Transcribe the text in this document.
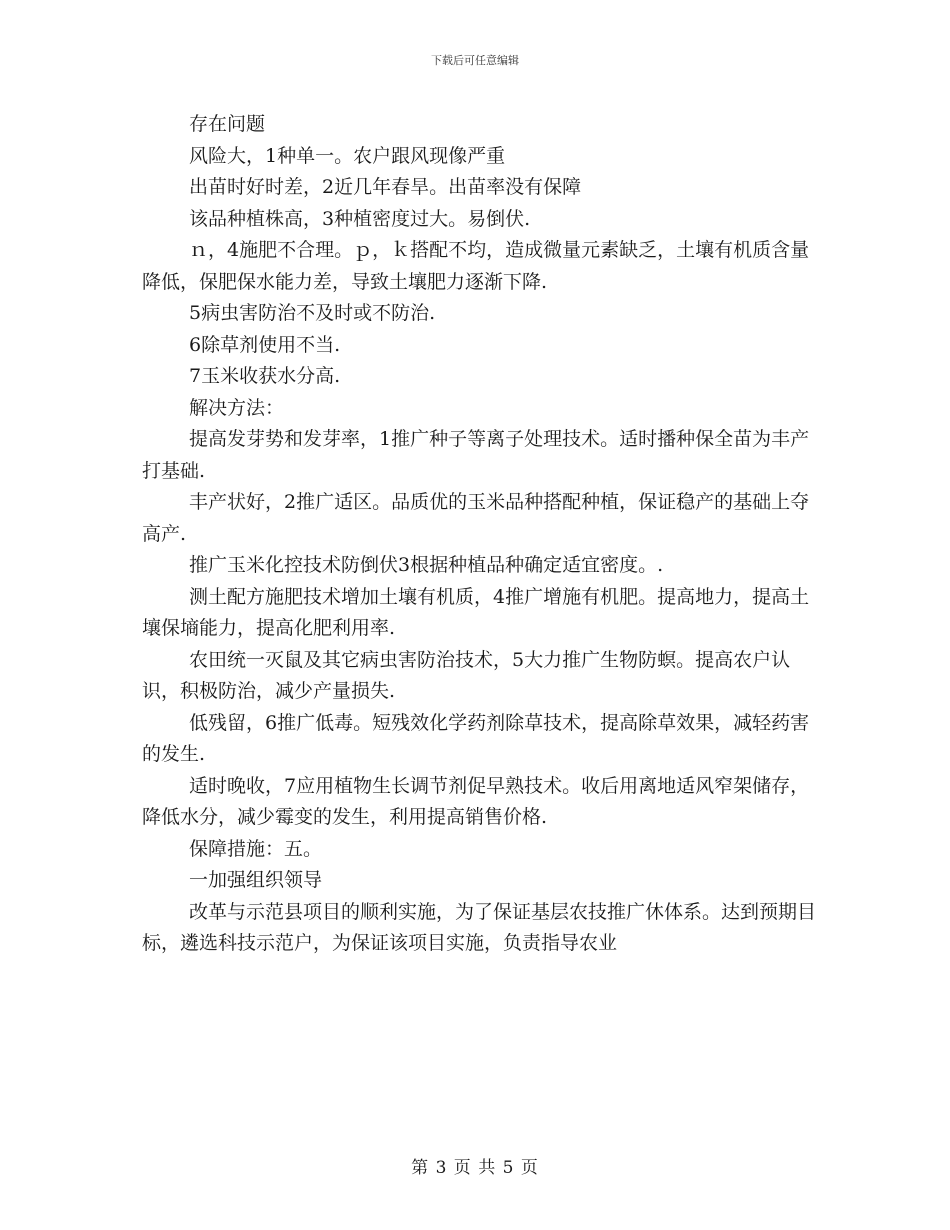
下载后可任意编辑

存在问题

风险大，1种单一。农户跟风现像严重

出苗时好时差，2近几年春旱。出苗率没有保障

该品种植株高，3种植密度过大。易倒伏.

ｎ，4施肥不合理。ｐ，ｋ搭配不均，造成微量元素缺乏，土壤有机质含量降低，保肥保水能力差，导致土壤肥力逐渐下降.

5病虫害防治不及时或不防治.

6除草剂使用不当.

7玉米收获水分高.

解决方法：

提高发芽势和发芽率，1推广种子等离子处理技术。适时播种保全苗为丰产打基础.

丰产状好，2推广适区。品质优的玉米品种搭配种植，保证稳产的基础上夺高产.

推广玉米化控技术防倒伏3根据种植品种确定适宜密度。.

测土配方施肥技术增加土壤有机质，4推广增施有机肥。提高地力，提高土壤保墒能力，提高化肥利用率.

农田统一灭鼠及其它病虫害防治技术，5大力推广生物防螟。提高农户认识，积极防治，减少产量损失.

低残留，6推广低毒。短残效化学药剂除草技术，提高除草效果，减轻药害的发生.

适时晚收，7应用植物生长调节剂促早熟技术。收后用离地适风窄架储存，降低水分，减少霉变的发生，利用提高销售价格.

保障措施：五。

一加强组织领导

改革与示范县项目的顺利实施，为了保证基层农技推广休体系。达到预期目标，遴选科技示范户，为保证该项目实施，负责指导农业

第 3 页 共 5 页
